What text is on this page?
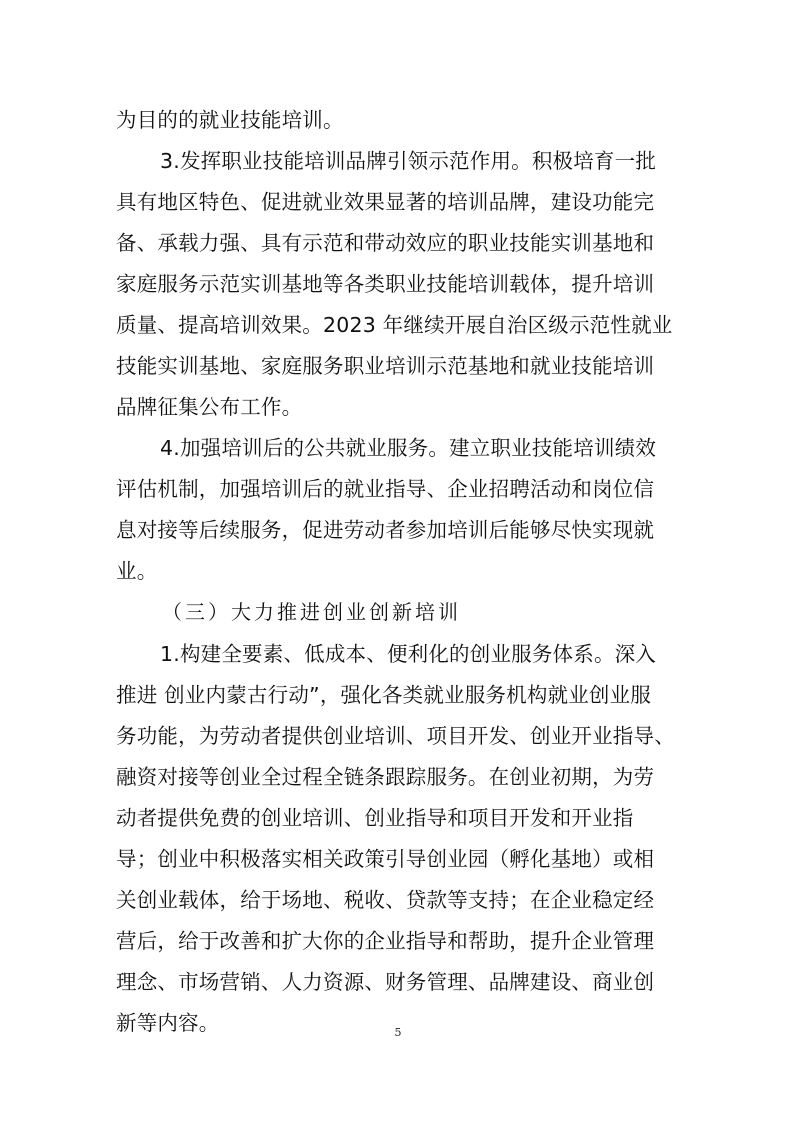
为目的的就业技能培训。
3.发挥职业技能培训品牌引领示范作用。积极培育一批
具有地区特色、促进就业效果显著的培训品牌，建设功能完
备、承载力强、具有示范和带动效应的职业技能实训基地和
家庭服务示范实训基地等各类职业技能培训载体，提升培训
质量、提高培训效果。2023 年继续开展自治区级示范性就业
技能实训基地、家庭服务职业培训示范基地和就业技能培训
品牌征集公布工作。
4.加强培训后的公共就业服务。建立职业技能培训绩效
评估机制，加强培训后的就业指导、企业招聘活动和岗位信
息对接等后续服务，促进劳动者参加培训后能够尽快实现就
业。
（三）大力推进创业创新培训
1.构建全要素、低成本、便利化的创业服务体系。深入
推进 创业内蒙古行动”，强化各类就业服务机构就业创业服
务功能，为劳动者提供创业培训、项目开发、创业开业指导、
融资对接等创业全过程全链条跟踪服务。在创业初期，为劳
动者提供免费的创业培训、创业指导和项目开发和开业指
导；创业中积极落实相关政策引导创业园（孵化基地）或相
关创业载体，给于场地、税收、贷款等支持；在企业稳定经
营后，给于改善和扩大你的企业指导和帮助，提升企业管理
理念、市场营销、人力资源、财务管理、品牌建设、商业创
新等内容。	5
